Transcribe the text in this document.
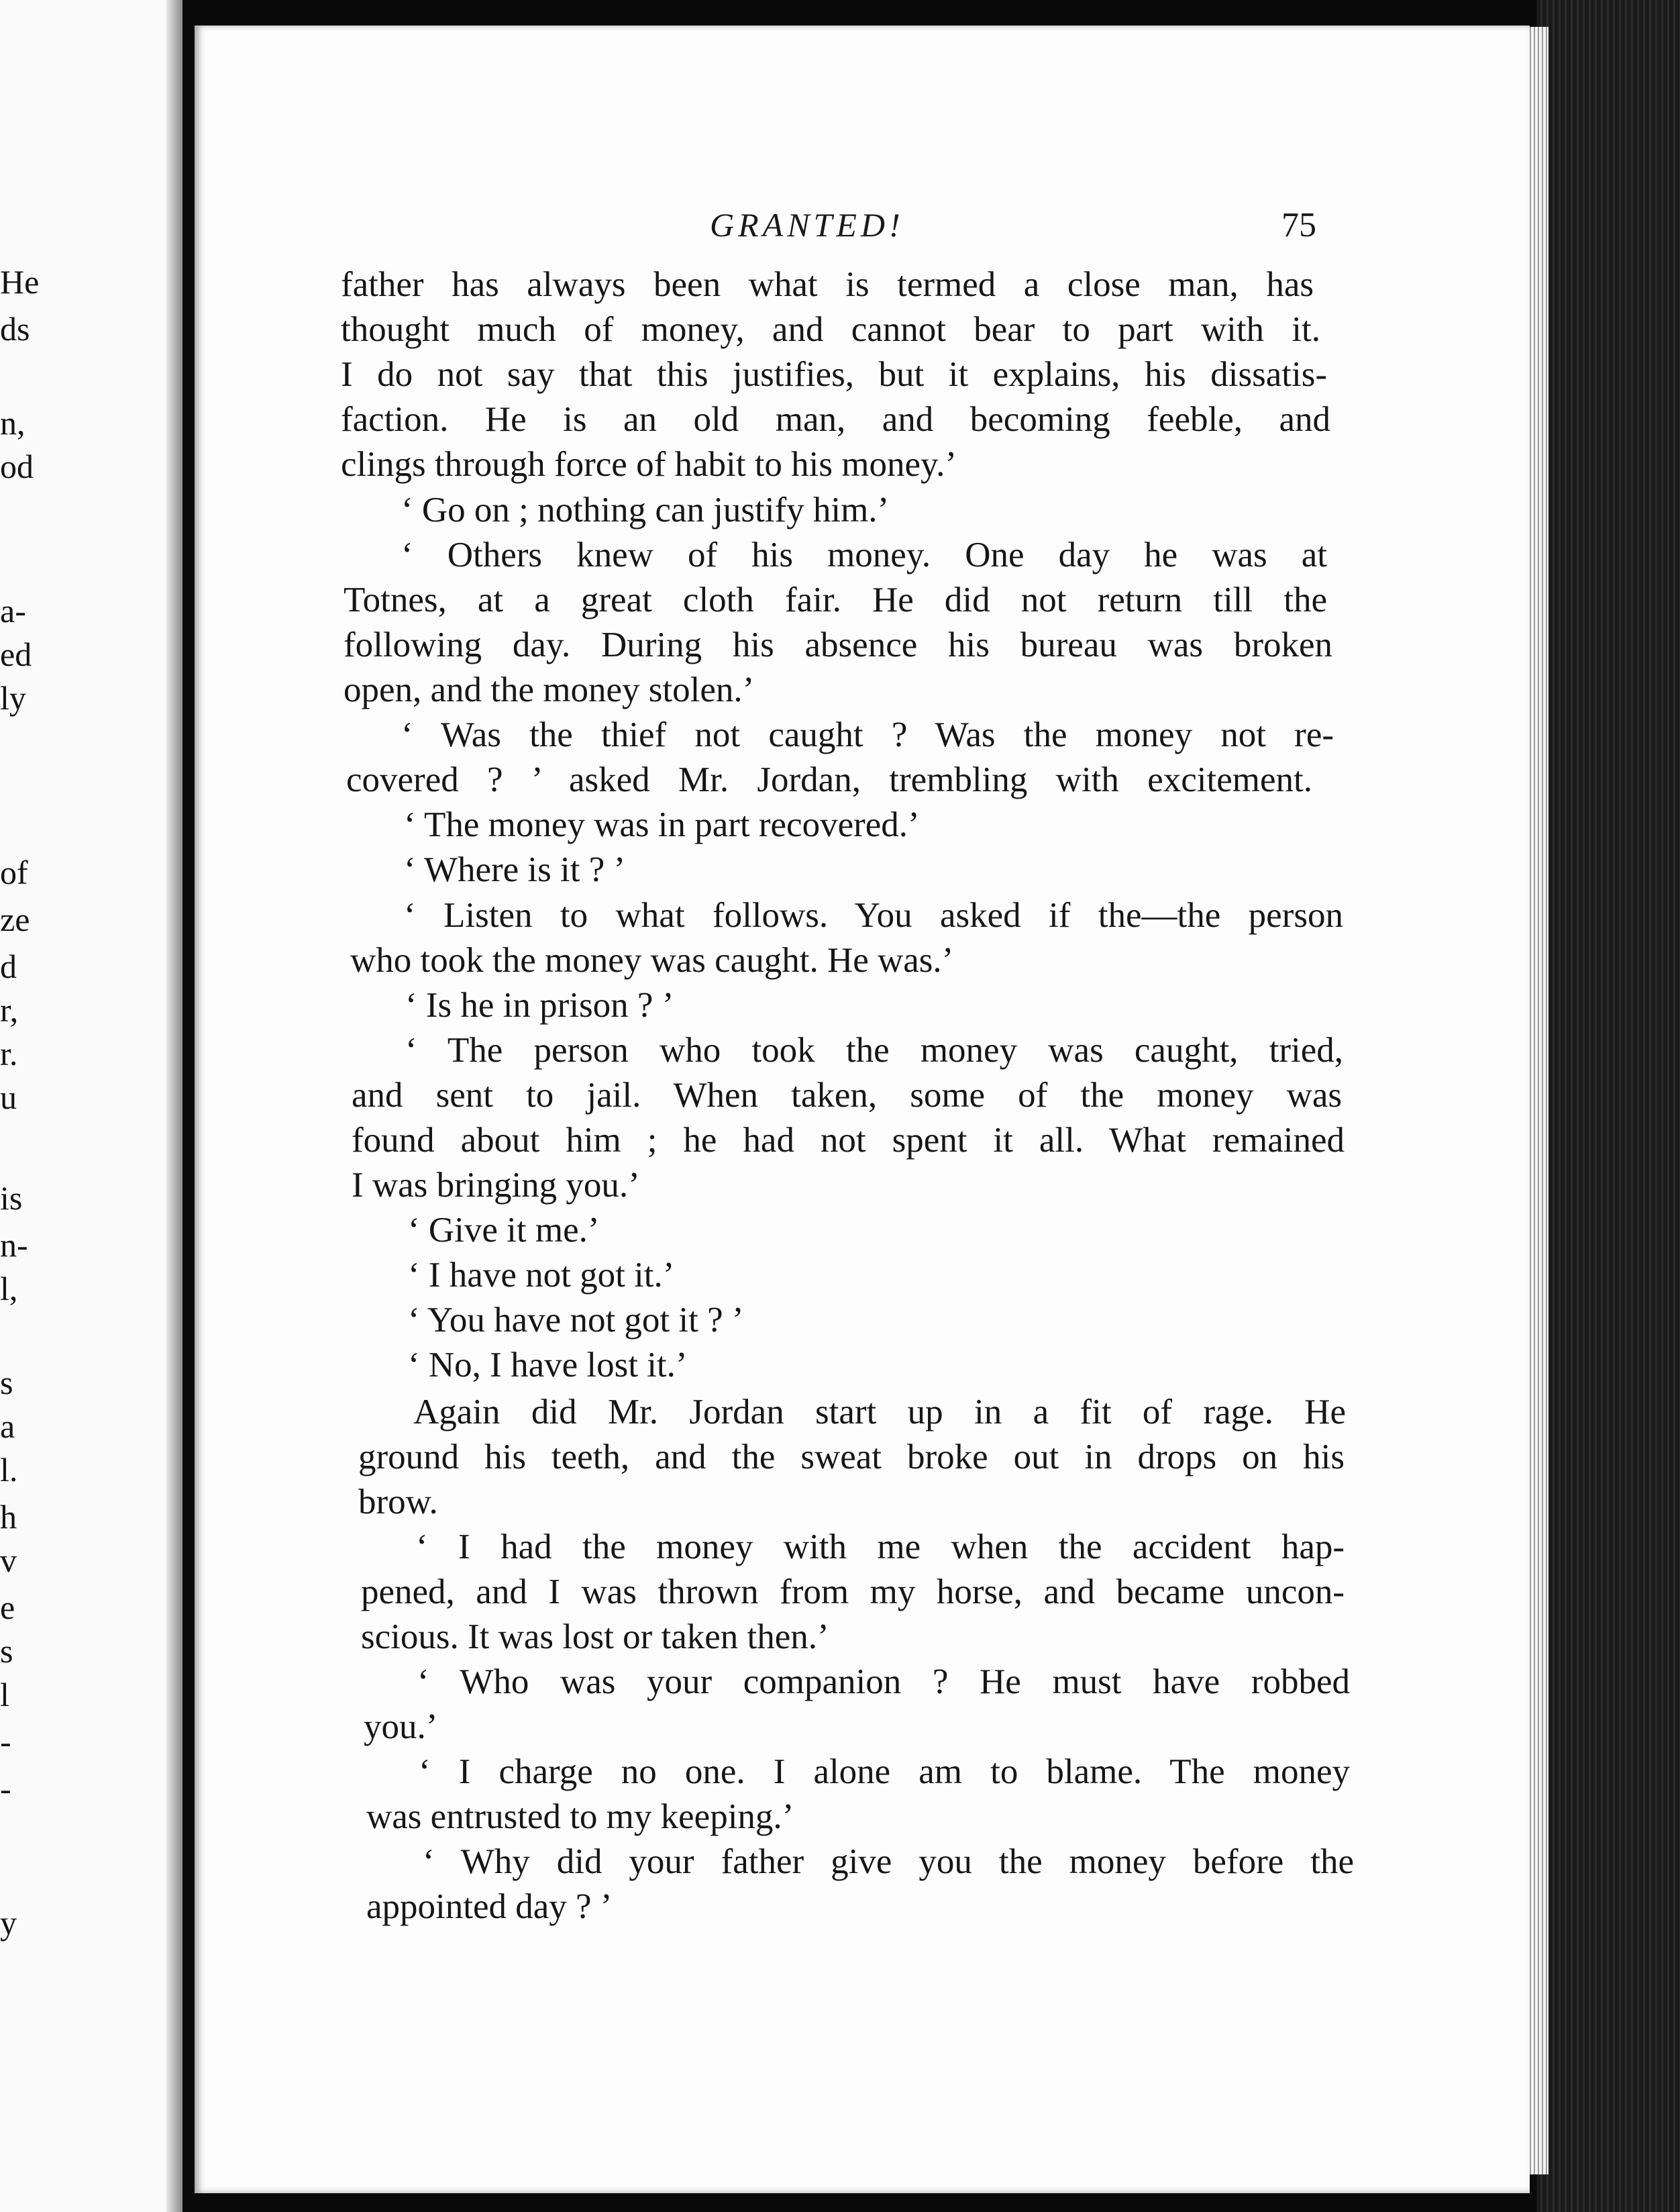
He
ds
n,
od
a-
ed
ly
of
ze
d
r,
r.
u
is
n-
l,
s
a
l.
h
v
e
s
l
-
-
y
GRANTED!	75
father has always been what is termed a close man, has
thought much of money, and cannot bear to part with it.
I do not say that this justifies, but it explains, his dissatis-
faction. He is an old man, and becoming feeble, and
clings through force of habit to his money.’
‘ Go on ; nothing can justify him.’
‘ Others knew of his money. One day he was at
Totnes, at a great cloth fair. He did not return till the
following day. During his absence his bureau was broken
open, and the money stolen.’
‘ Was the thief not caught ? Was the money not re-
covered ? ’ asked Mr. Jordan, trembling with excitement.
‘ The money was in part recovered.’
‘ Where is it ? ’
‘ Listen to what follows. You asked if the—the person
who took the money was caught. He was.’
‘ Is he in prison ? ’
‘ The person who took the money was caught, tried,
and sent to jail. When taken, some of the money was
found about him ; he had not spent it all. What remained
I was bringing you.’
‘ Give it me.’
‘ I have not got it.’
‘ You have not got it ? ’
‘ No, I have lost it.’
Again did Mr. Jordan start up in a fit of rage. He
ground his teeth, and the sweat broke out in drops on his
brow.
‘ I had the money with me when the accident hap-
pened, and I was thrown from my horse, and became uncon-
scious. It was lost or taken then.’
‘ Who was your companion ? He must have robbed
you.’
‘ I charge no one. I alone am to blame. The money
was entrusted to my keeping.’
‘ Why did your father give you the money before the
appointed day ? ’
